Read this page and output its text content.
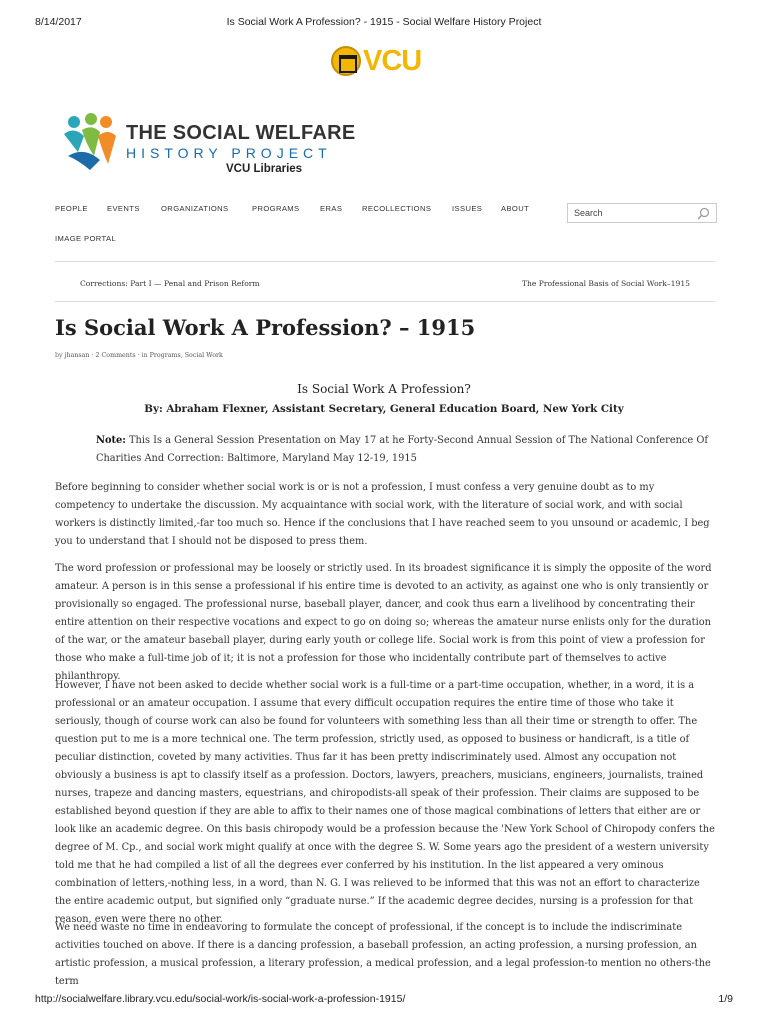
8/14/2017	Is Social Work A Profession? - 1915 - Social Welfare History Project
VCU
THE SOCIAL WELFARE
HISTORY PROJECT
VCU Libraries
PEOPLE	EVENTS	ORGANIZATIONS	PROGRAMS	ERAS	RECOLLECTIONS	ISSUES ABOUT
IMAGE PORTAL
Search
Corrections: Part I — Penal and Prison Reform	The Professional Basis of Social Work–1915
Is Social Work A Profession? – 1915
by jhansan · 2 Comments · in Programs, Social Work
Is Social Work A Profession?
By: Abraham Flexner, Assistant Secretary, General Education Board, New York City

Note: This Is a General Session Presentation on May 17 at he Forty-Second Annual Session of The National Conference Of Charities And Correction: Baltimore, Maryland May 12-19, 1915

Before beginning to consider whether social work is or is not a profession, I must confess a very genuine doubt as to my competency to undertake the discussion. My acquaintance with social work, with the literature of social work, and with social workers is distinctly limited,-far too much so. Hence if the conclusions that I have reached seem to you unsound or academic, I beg you to understand that I should not be disposed to press them.

The word profession or professional may be loosely or strictly used. In its broadest significance it is simply the opposite of the word amateur. A person is in this sense a professional if his entire time is devoted to an activity, as against one who is only transiently or provisionally so engaged. The professional nurse, baseball player, dancer, and cook thus earn a livelihood by concentrating their entire attention on their respective vocations and expect to go on doing so; whereas the amateur nurse enlists only for the duration of the war, or the amateur baseball player, during early youth or college life. Social work is from this point of view a profession for those who make a full-time job of it; it is not a profession for those who incidentally contribute part of themselves to active philanthropy.

However, I have not been asked to decide whether social work is a full-time or a part-time occupation, whether, in a word, it is a professional or an amateur occupation. I assume that every difficult occupation requires the entire time of those who take it seriously, though of course work can also be found for volunteers with something less than all their time or strength to offer. The question put to me is a more technical one. The term profession, strictly used, as opposed to business or handicraft, is a title of peculiar distinction, coveted by many activities. Thus far it has been pretty indiscriminately used. Almost any occupation not obviously a business is apt to classify itself as a profession. Doctors, lawyers, preachers, musicians, engineers, journalists, trained nurses, trapeze and dancing masters, equestrians, and chiropodists-all speak of their profession. Their claims are supposed to be established beyond question if they are able to affix to their names one of those magical combinations of letters that either are or look like an academic degree. On this basis chiropody would be a profession because the 'New York School of Chiropody confers the degree of M. Cp., and social work might qualify at once with the degree S. W. Some years ago the president of a western university told me that he had compiled a list of all the degrees ever conferred by his institution. In the list appeared a very ominous combination of letters,-nothing less, in a word, than N. G. I was relieved to be informed that this was not an effort to characterize the entire academic output, but signified only “graduate nurse.” If the academic degree decides, nursing is a profession for that reason, even were there no other.

We need waste no time in endeavoring to formulate the concept of professional, if the concept is to include the indiscriminate activities touched on above. If there is a dancing profession, a baseball profession, an acting profession, a nursing profession, an artistic profession, a musical profession, a literary profession, a medical profession, and a legal profession-to mention no others-the term

http://socialwelfare.library.vcu.edu/social-work/is-social-work-a-profession-1915/	1/9
